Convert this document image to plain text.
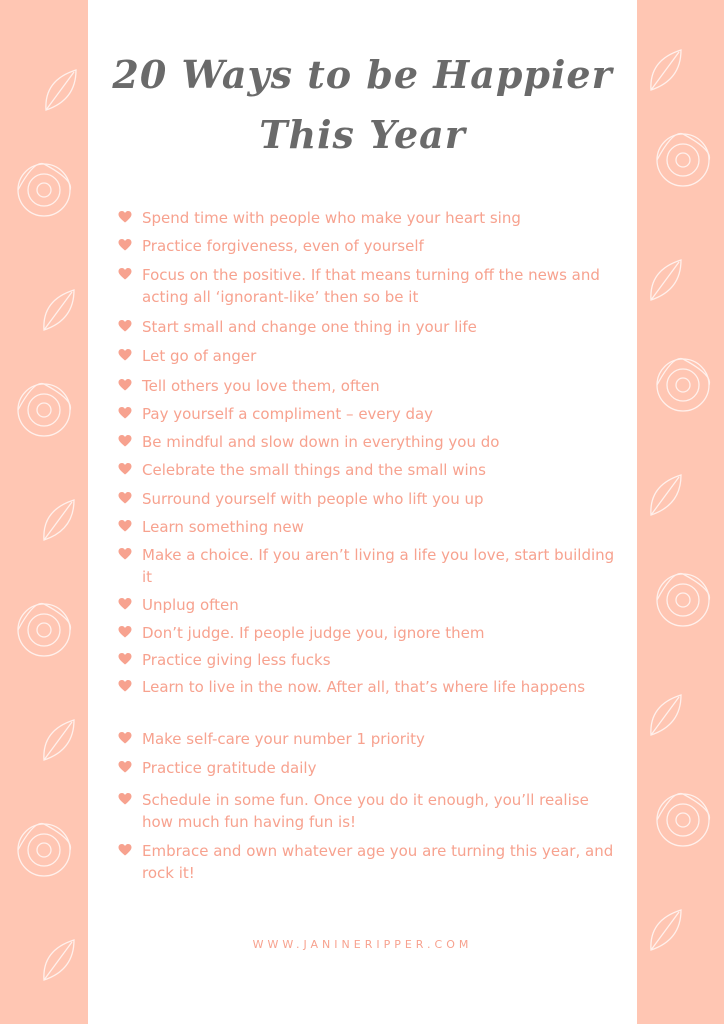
20 Ways to be Happier
This Year
Spend time with people who make your heart sing
Practice forgiveness, even of yourself
Focus on the positive. If that means turning off the news and acting all ‘ignorant-like’ then so be it
Start small and change one thing in your life
Let go of anger
Tell others you love them, often
Pay yourself a compliment – every day
Be mindful and slow down in everything you do
Celebrate the small things and the small wins
Surround yourself with people who lift you up
Learn something new
Make a choice. If you aren’t living a life you love, start building it
Unplug often
Don’t judge. If people judge you, ignore them
Practice giving less fucks
Learn to live in the now. After all, that’s where life happens
Make self-care your number 1 priority
Practice gratitude daily
Schedule in some fun. Once you do it enough, you’ll realise how much fun having fun is!
Embrace and own whatever age you are turning this year, and rock it!
WWW.JANINERIPPER.COM
